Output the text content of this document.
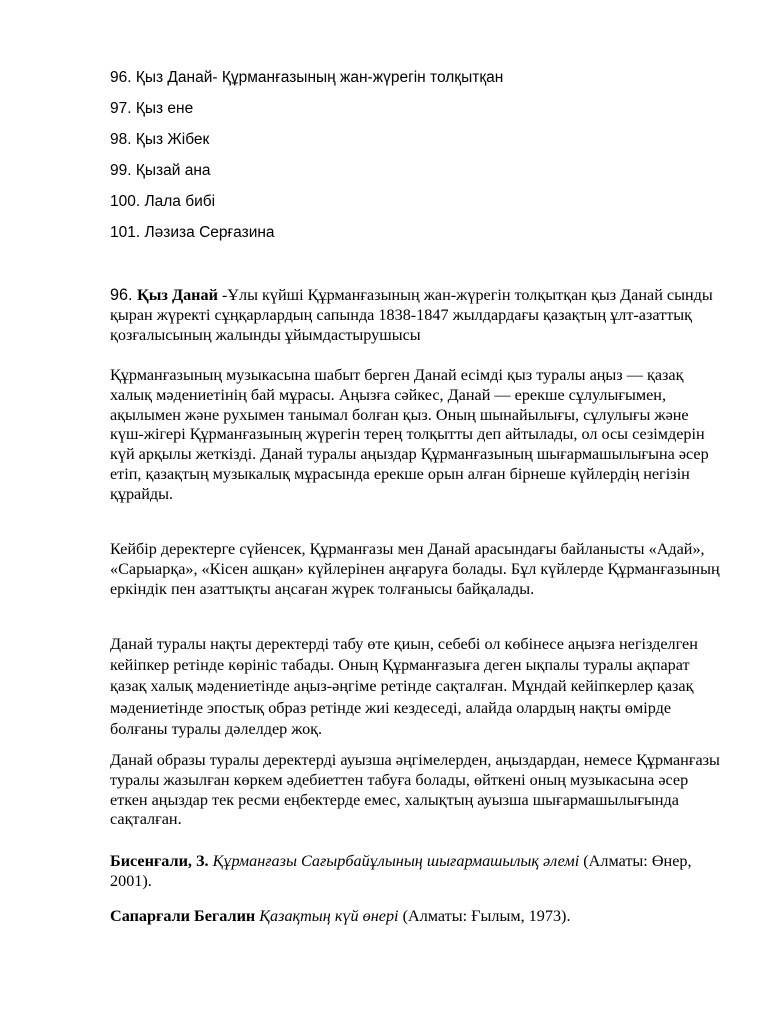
96. Қыз Данай- Құрманғазының жан-жүрегін толқытқан
97. Қыз ене
98. Қыз Жібек
99. Қызай ана
100. Лала бибі
101. Ләзиза Серғазина
96. Қыз Данай -Ұлы күйші Құрманғазының жан-жүрегін толқытқан қыз Данай сынды қыран жүректі сұңқарлардың сапында 1838-1847 жылдардағы қазақтың ұлт-азаттық қозғалысының жалынды ұйымдастырушысы
Құрманғазының музыкасына шабыт берген Данай есімді қыз туралы аңыз — қазақ халық мәдениетінің бай мұрасы. Аңызға сәйкес, Данай — ерекше сұлулығымен, ақылымен және рухымен танымал болған қыз. Оның шынайылығы, сұлулығы және күш-жігері Құрманғазының жүрегін терең толқытты деп айтылады, ол осы сезімдерін күй арқылы жеткізді. Данай туралы аңыздар Құрманғазының шығармашылығына әсер етіп, қазақтың музыкалық мұрасында ерекше орын алған бірнеше күйлердің негізін құрайды.
Кейбір деректерге сүйенсек, Құрманғазы мен Данай арасындағы байланысты «Адай», «Сарыарқа», «Кісен ашқан» күйлерінен аңғаруға болады. Бұл күйлерде Құрманғазының еркіндік пен азаттықты аңсаған жүрек толғанысы байқалады.
Данай туралы нақты деректерді табу өте қиын, себебі ол көбінесе аңызға негізделген кейіпкер ретінде көрініс табады. Оның Құрманғазыға деген ықпалы туралы ақпарат қазақ халық мәдениетінде аңыз-әңгіме ретінде сақталған. Мұндай кейіпкерлер қазақ мәдениетінде эпостық образ ретінде жиі кездеседі, алайда олардың нақты өмірде болғаны туралы дәлелдер жоқ.
Данай образы туралы деректерді ауызша әңгімелерден, аңыздардан, немесе Құрманғазы туралы жазылған көркем әдебиеттен табуға болады, өйткені оның музыкасына әсер еткен аңыздар тек ресми еңбектерде емес, халықтың ауызша шығармашылығында сақталған.
Бисенғали, З. Құрманғазы Сағырбайұлының шығармашылық әлемі (Алматы: Өнер, 2001).
Сапарғали Бегалин Қазақтың күй өнері (Алматы: Ғылым, 1973).
